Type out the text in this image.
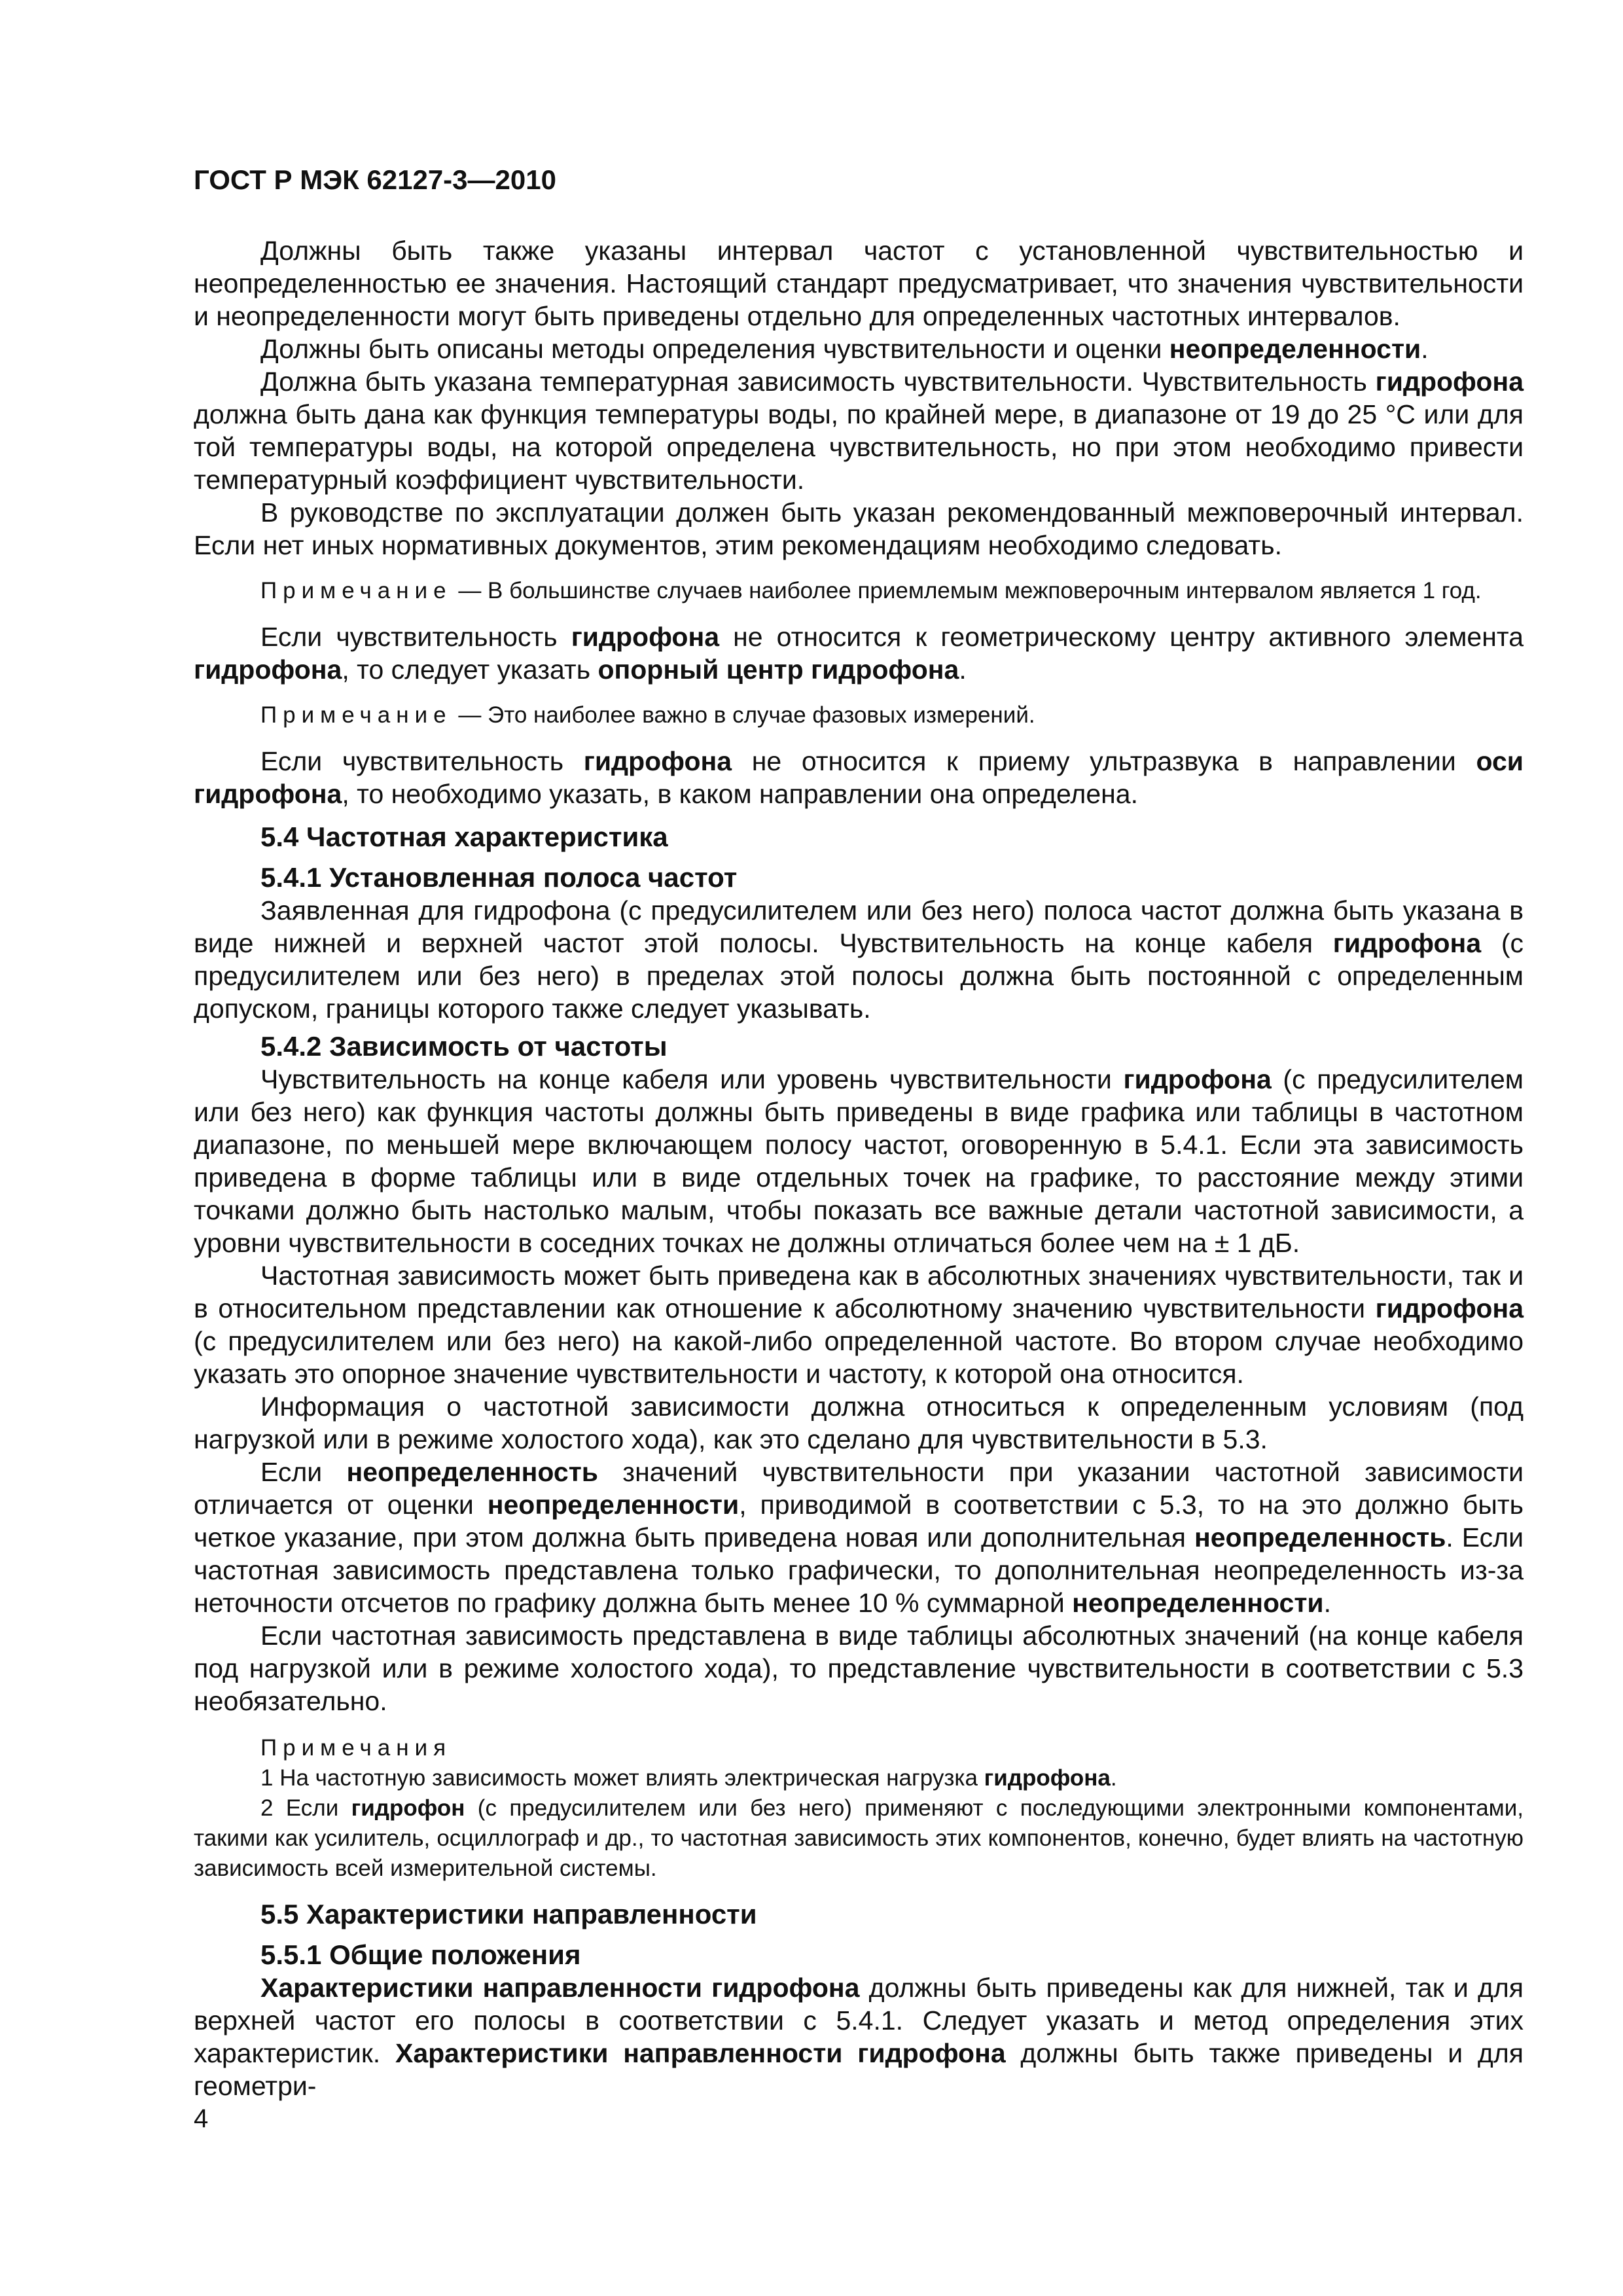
ГОСТ Р МЭК 62127-3—2010

Должны быть также указаны интервал частот с установленной чувствительностью и неопределенностью ее значения. Настоящий стандарт предусматривает, что значения чувствительности и неопределенности могут быть приведены отдельно для определенных частотных интервалов.

Должны быть описаны методы определения чувствительности и оценки неопределенности.

Должна быть указана температурная зависимость чувствительности. Чувствительность гидрофона должна быть дана как функция температуры воды, по крайней мере, в диапазоне от 19 до 25 °С или для той температуры воды, на которой определена чувствительность, но при этом необходимо привести температурный коэффициент чувствительности.

В руководстве по эксплуатации должен быть указан рекомендованный межповерочный интервал. Если нет иных нормативных документов, этим рекомендациям необходимо следовать.

Примечание — В большинстве случаев наиболее приемлемым межповерочным интервалом является 1 год.

Если чувствительность гидрофона не относится к геометрическому центру активного элемента гидрофона, то следует указать опорный центр гидрофона.

Примечание — Это наиболее важно в случае фазовых измерений.

Если чувствительность гидрофона не относится к приему ультразвука в направлении оси гидрофона, то необходимо указать, в каком направлении она определена.

5.4 Частотная характеристика
5.4.1 Установленная полоса частот

Заявленная для гидрофона (с предусилителем или без него) полоса частот должна быть указана в виде нижней и верхней частот этой полосы. Чувствительность на конце кабеля гидрофона (с предусилителем или без него) в пределах этой полосы должна быть постоянной с определенным допуском, границы которого также следует указывать.

5.4.2 Зависимость от частоты

Чувствительность на конце кабеля или уровень чувствительности гидрофона (с предусилителем или без него) как функция частоты должны быть приведены в виде графика или таблицы в частотном диапазоне, по меньшей мере включающем полосу частот, оговоренную в 5.4.1. Если эта зависимость приведена в форме таблицы или в виде отдельных точек на графике, то расстояние между этими точками должно быть настолько малым, чтобы показать все важные детали частотной зависимости, а уровни чувствительности в соседних точках не должны отличаться более чем на ± 1 дБ.

Частотная зависимость может быть приведена как в абсолютных значениях чувствительности, так и в относительном представлении как отношение к абсолютному значению чувствительности гидрофона (с предусилителем или без него) на какой-либо определенной частоте. Во втором случае необходимо указать это опорное значение чувствительности и частоту, к которой она относится.

Информация о частотной зависимости должна относиться к определенным условиям (под нагрузкой или в режиме холостого хода), как это сделано для чувствительности в 5.3.

Если неопределенность значений чувствительности при указании частотной зависимости отличается от оценки неопределенности, приводимой в соответствии с 5.3, то на это должно быть четкое указание, при этом должна быть приведена новая или дополнительная неопределенность. Если частотная зависимость представлена только графически, то дополнительная неопределенность из-за неточности отсчетов по графику должна быть менее 10 % суммарной неопределенности.

Если частотная зависимость представлена в виде таблицы абсолютных значений (на конце кабеля под нагрузкой или в режиме холостого хода), то представление чувствительности в соответствии с 5.3 необязательно.

Примечания

1 На частотную зависимость может влиять электрическая нагрузка гидрофона.

2 Если гидрофон (с предусилителем или без него) применяют с последующими электронными компонентами, такими как усилитель, осциллограф и др., то частотная зависимость этих компонентов, конечно, будет влиять на частотную зависимость всей измерительной системы.

5.5 Характеристики направленности
5.5.1 Общие положения

Характеристики направленности гидрофона должны быть приведены как для нижней, так и для верхней частот его полосы в соответствии с 5.4.1. Следует указать и метод определения этих характеристик. Характеристики направленности гидрофона должны быть также приведены и для геометри-

4
